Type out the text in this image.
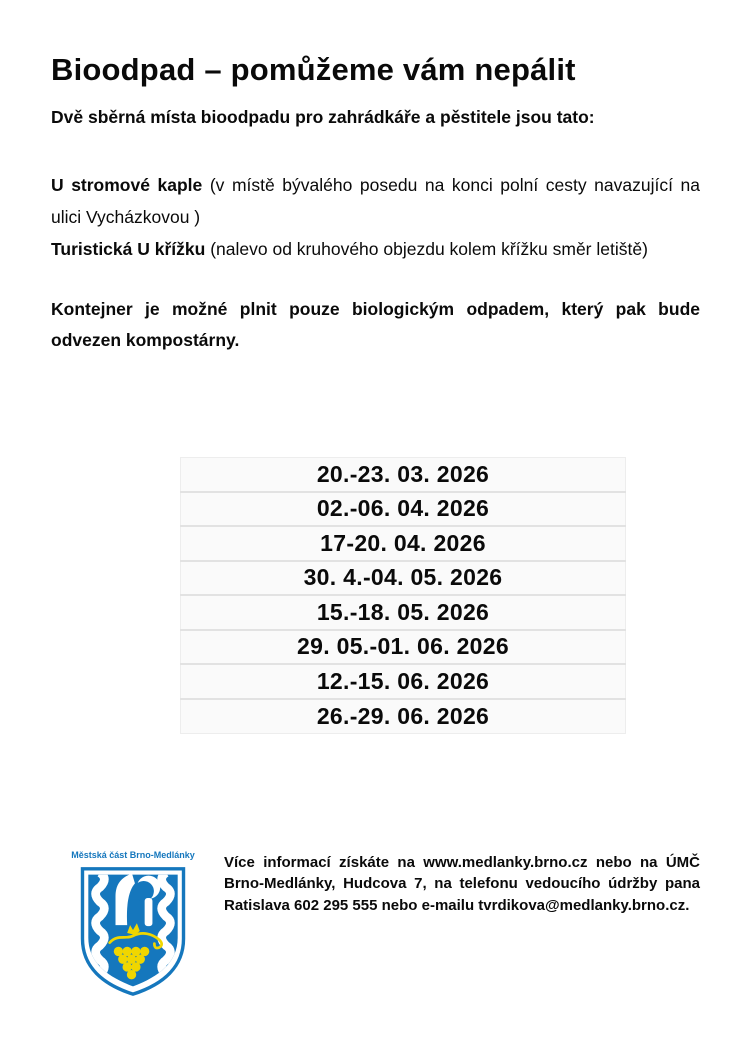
Bioodpad – pomůžeme vám nepálit

Dvě sběrná místa bioodpadu pro zahrádkáře a pěstitele jsou tato:

U stromové kaple (v místě bývalého posedu na konci polní cesty navazující na ulici Vycházkovou )

Turistická U křížku (nalevo od kruhového objezdu kolem křížku směr letiště)

Kontejner je možné plnit pouze biologickým odpadem, který pak bude odvezen kompostárny.

20.-23. 03. 2026
02.-06. 04. 2026
17-20. 04. 2026
30. 4.-04. 05. 2026
15.-18. 05. 2026
29. 05.-01. 06. 2026
12.-15. 06. 2026
26.-29. 06. 2026
Městská část Brno-Medlánky Více informací získáte na www.medlanky.brno.cz nebo na ÚMČ Brno-Medlánky, Hudcova 7, na telefonu vedoucího údržby pana Ratislava 602 295 555 nebo e-mailu tvrdikova@medlanky.brno.cz.
